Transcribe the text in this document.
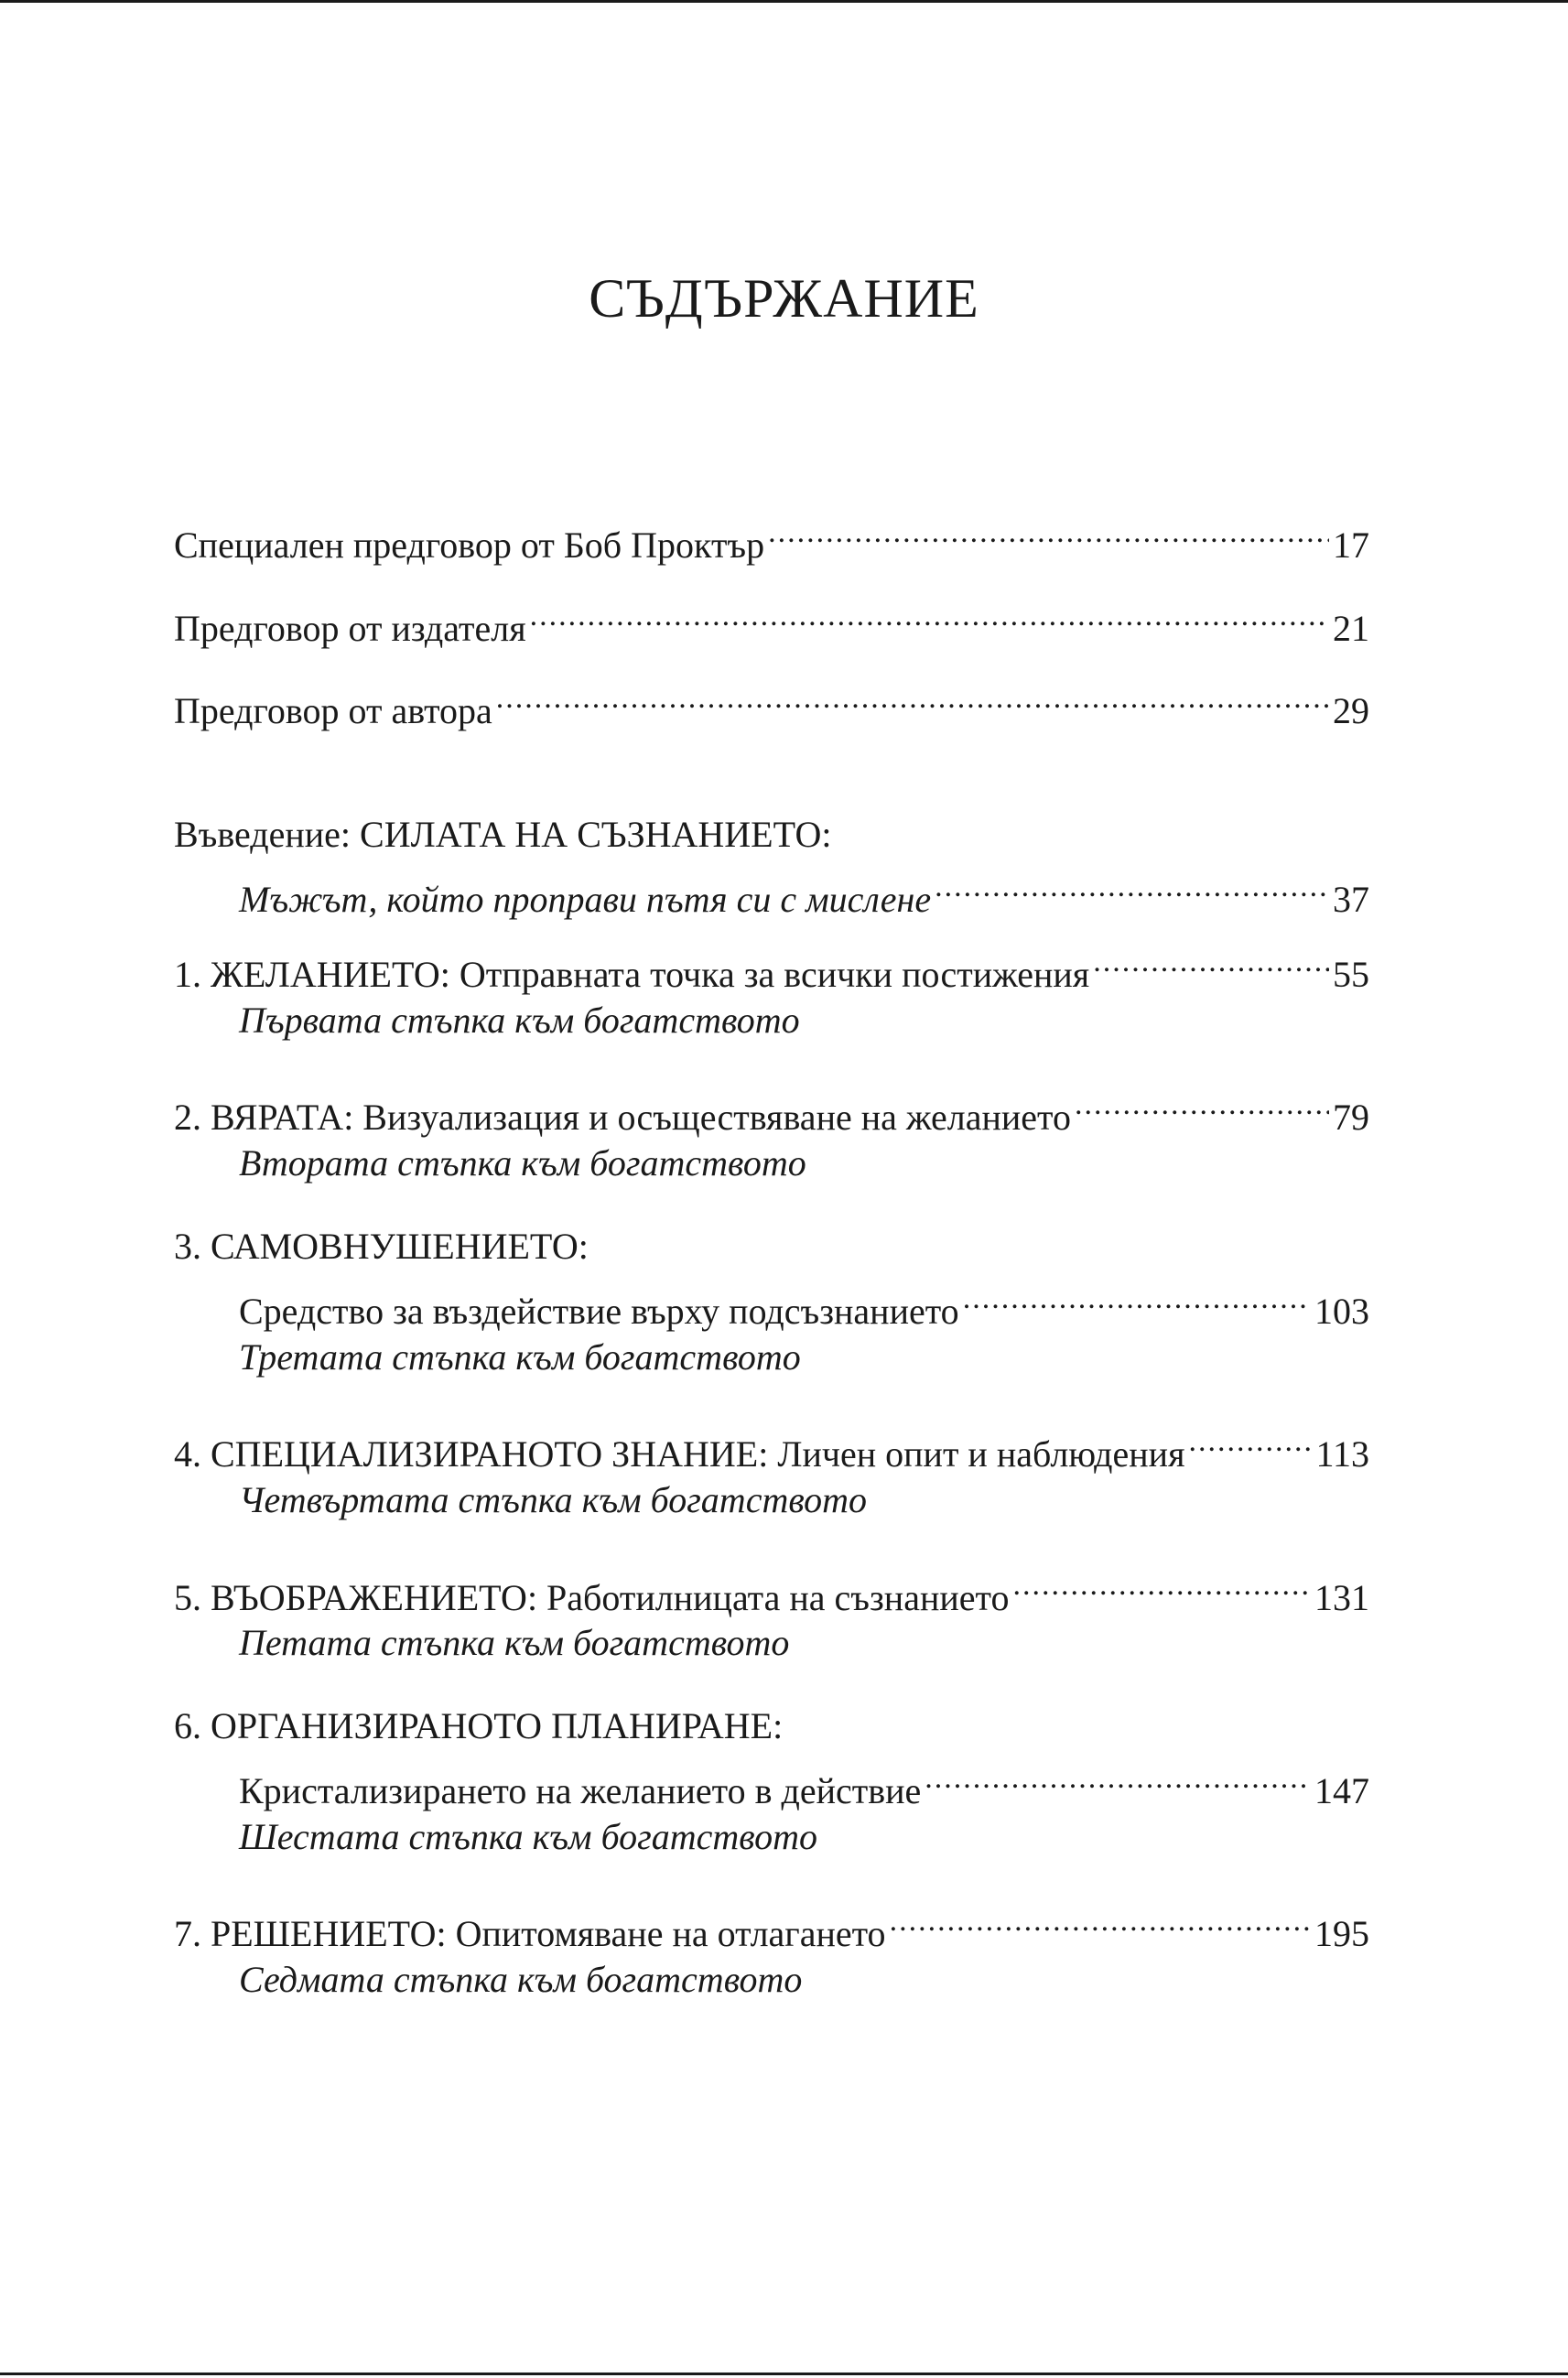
СЪДЪРЖАНИЕ
Специален предговор от Боб Проктър .....	17
Предговор от издателя .....	21
Предговор от автора .....	29
Въведение: СИЛАТА НА СЪЗНАНИЕТО:
Мъжът, който проправи пътя си с мислене .....	37
1. ЖЕЛАНИЕТО: Отправната точка за всички постижения .....	55
Първата стъпка към богатството
2. ВЯРАТА: Визуализация и осъществяване на желанието .....	79
Втората стъпка към богатството
3. САМОВНУШЕНИЕТО:
Средство за въздействие върху подсъзнанието .....	103
Третата стъпка към богатството
4. СПЕЦИАЛИЗИРАНОТО ЗНАНИЕ: Личен опит и наблюдения .....	113
Четвъртата стъпка към богатството
5. ВЪОБРАЖЕНИЕТО: Работилницата на съзнанието .....	131
Петата стъпка към богатството
6. ОРГАНИЗИРАНОТО ПЛАНИРАНЕ:
Кристализирането на желанието в действие .....	147
Шестата стъпка към богатството
7. РЕШЕНИЕТО: Опитомяване на отлагането .....	195
Седмата стъпка към богатството
